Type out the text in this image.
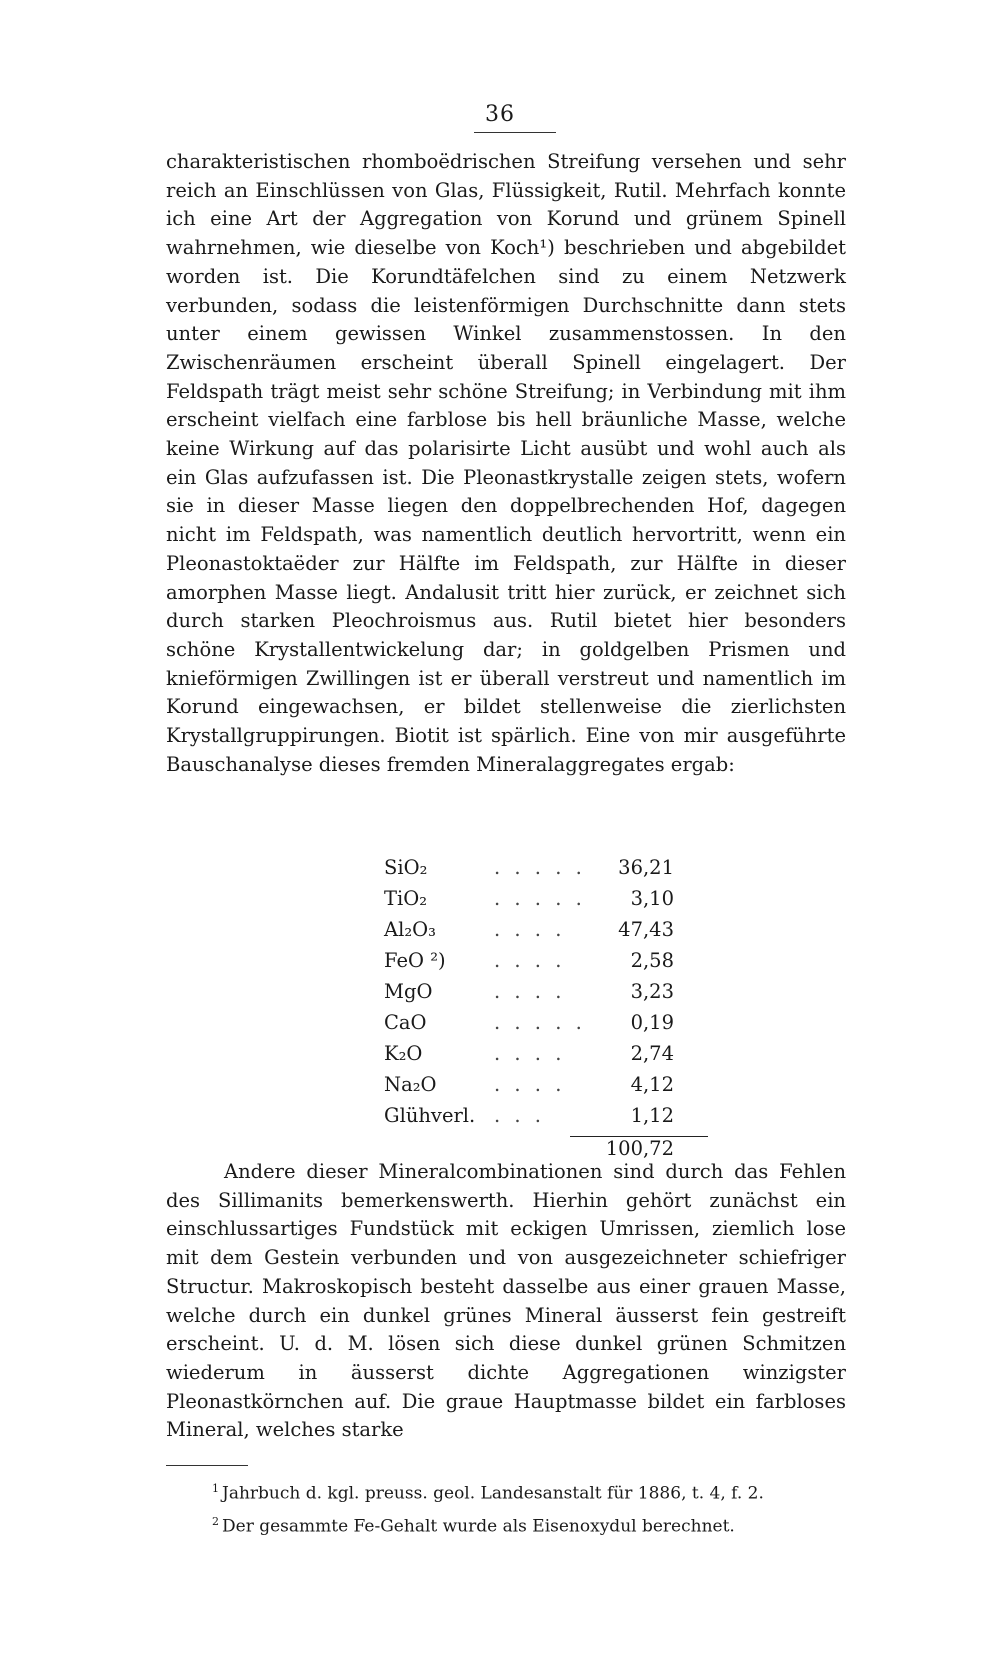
36

charakteristischen rhomboëdrischen Streifung versehen und sehr reich an Einschlüssen von Glas, Flüssigkeit, Rutil. Mehrfach konnte ich eine Art der Aggregation von Korund und grünem Spinell wahrnehmen, wie dieselbe von Koch¹) beschrieben und abgebildet worden ist. Die Korundtäfelchen sind zu einem Netzwerk verbunden, sodass die leistenförmigen Durchschnitte dann stets unter einem gewissen Winkel zusammenstossen. In den Zwischenräumen erscheint überall Spinell eingelagert. Der Feldspath trägt meist sehr schöne Streifung; in Verbindung mit ihm erscheint vielfach eine farblose bis hell bräunliche Masse, welche keine Wirkung auf das polarisirte Licht ausübt und wohl auch als ein Glas aufzufassen ist. Die Pleonastkrystalle zeigen stets, wofern sie in dieser Masse liegen den doppelbrechenden Hof, dagegen nicht im Feldspath, was namentlich deutlich hervortritt, wenn ein Pleonastoktaëder zur Hälfte im Feldspath, zur Hälfte in dieser amorphen Masse liegt. Andalusit tritt hier zurück, er zeichnet sich durch starken Pleochroismus aus. Rutil bietet hier besonders schöne Krystallentwickelung dar; in goldgelben Prismen und knieförmigen Zwillingen ist er überall verstreut und namentlich im Korund eingewachsen, er bildet stellenweise die zierlichsten Krystallgruppirungen. Biotit ist spärlich. Eine von mir ausgeführte Bauschanalyse dieses fremden Mineralaggregates ergab:

SiO₂	. . . . .	36,21
TiO₂	. . . . .	3,10
Al₂O₃	. . . .	47,43
FeO ²)	. . . .	2,58
MgO	. . . .	3,23
CaO	. . . . .	0,19
K₂O	. . . .	2,74
Na₂O	. . . .	4,12
Glühverl.	. . .	1,12
		100,72

Andere dieser Mineralcombinationen sind durch das Fehlen des Sillimanits bemerkenswerth. Hierhin gehört zunächst ein einschlussartiges Fundstück mit eckigen Umrissen, ziemlich lose mit dem Gestein verbunden und von ausgezeichneter schiefriger Structur. Makroskopisch besteht dasselbe aus einer grauen Masse, welche durch ein dunkel grünes Mineral äusserst fein gestreift erscheint. U. d. M. lösen sich diese dunkel grünen Schmitzen wiederum in äusserst dichte Aggregationen winzigster Pleonastkörnchen auf. Die graue Hauptmasse bildet ein farbloses Mineral, welches starke

$^1$ Jahrbuch d. kgl. preuss. geol. Landesanstalt für 1886, t. 4, f. 2.

$^2$ Der gesammte Fe-Gehalt wurde als Eisenoxydul berechnet.
